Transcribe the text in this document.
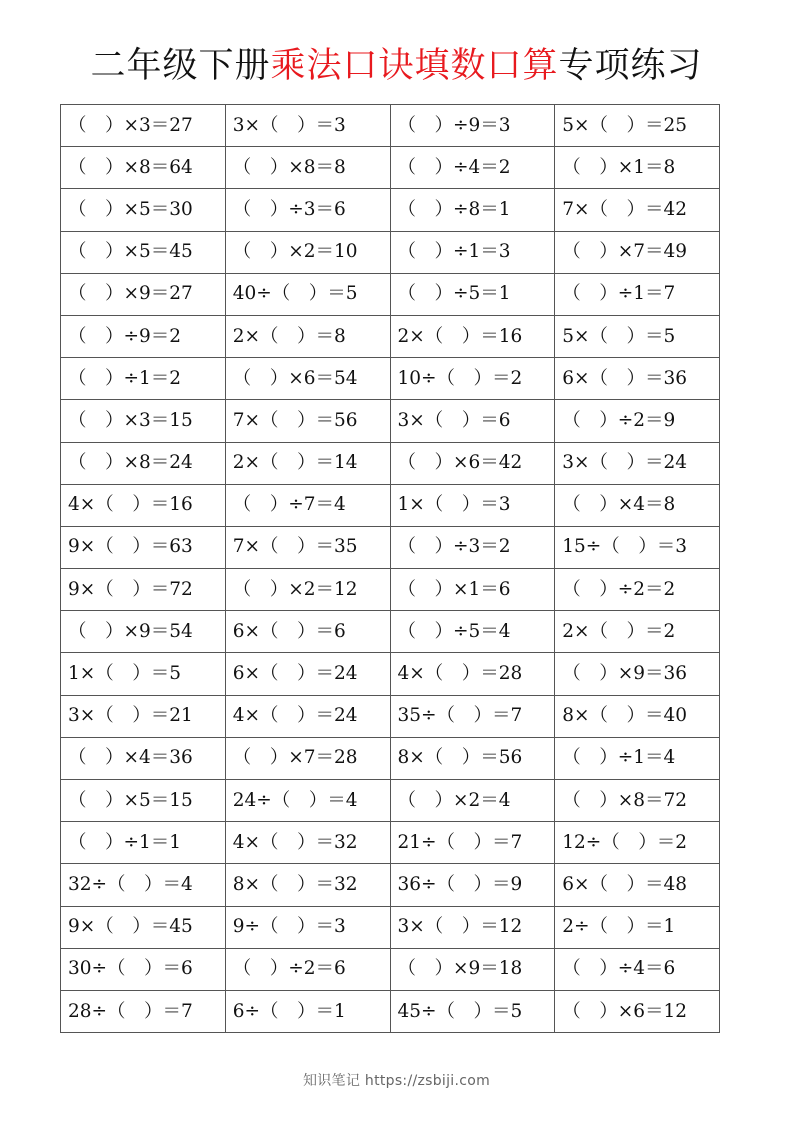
二年级下册乘法口诀填数口算专项练习
（　）×3＝27	3×（　）＝3	（　）÷9＝3	5×（　）＝25
（　）×8＝64	（　）×8＝8	（　）÷4＝2	（　）×1＝8
（　）×5＝30	（　）÷3＝6	（　）÷8＝1	7×（　）＝42
（　）×5＝45	（　）×2＝10	（　）÷1＝3	（　）×7＝49
（　）×9＝27	40÷（　）＝5	（　）÷5＝1	（　）÷1＝7
（　）÷9＝2	2×（　）＝8	2×（　）＝16	5×（　）＝5
（　）÷1＝2	（　）×6＝54	10÷（　）＝2	6×（　）＝36
（　）×3＝15	7×（　）＝56	3×（　）＝6	（　）÷2＝9
（　）×8＝24	2×（　）＝14	（　）×6＝42	3×（　）＝24
4×（　）＝16	（　）÷7＝4	1×（　）＝3	（　）×4＝8
9×（　）＝63	7×（　）＝35	（　）÷3＝2	15÷（　）＝3
9×（　）＝72	（　）×2＝12	（　）×1＝6	（　）÷2＝2
（　）×9＝54	6×（　）＝6	（　）÷5＝4	2×（　）＝2
1×（　）＝5	6×（　）＝24	4×（　）＝28	（　）×9＝36
3×（　）＝21	4×（　）＝24	35÷（　）＝7	8×（　）＝40
（　）×4＝36	（　）×7＝28	8×（　）＝56	（　）÷1＝4
（　）×5＝15	24÷（　）＝4	（　）×2＝4	（　）×8＝72
（　）÷1＝1	4×（　）＝32	21÷（　）＝7	12÷（　）＝2
32÷（　）＝4	8×（　）＝32	36÷（　）＝9	6×（　）＝48
9×（　）＝45	9÷（　）＝3	3×（　）＝12	2÷（　）＝1
30÷（　）＝6	（　）÷2＝6	（　）×9＝18	（　）÷4＝6
28÷（　）＝7	6÷（　）＝1	45÷（　）＝5	（　）×6＝12
知识笔记 https://zsbiji.com
